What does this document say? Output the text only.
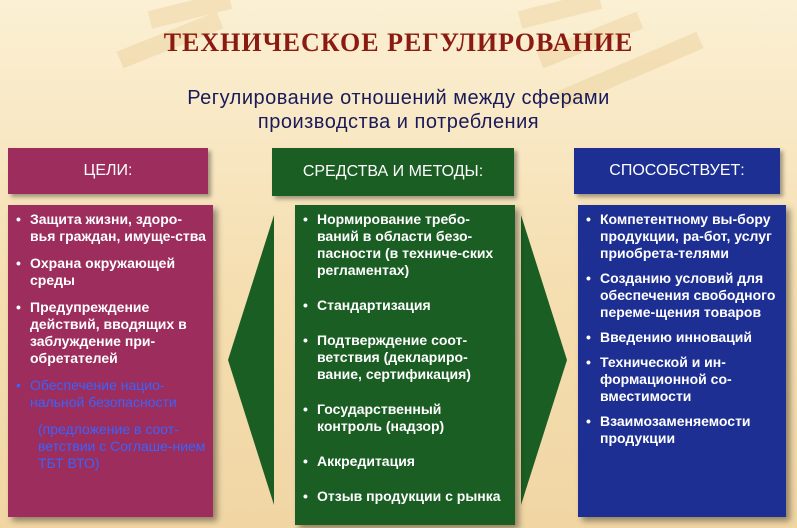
ТЕХНИЧЕСКОЕ РЕГУЛИРОВАНИЕ
Регулирование отношений между сферами производства и потребления
ЦЕЛИ:	СРЕДСТВА И МЕТОДЫ:	СПОСОБСТВУЕТ:
• Защита жизни, здоро-вья граждан, имуще-ства
• Охрана окружающей среды
• Предупреждение действий, вводящих в заблуждение при-обретателей
• Обеспечение нацио-нальной безопасности
(предложение в соот-ветствии с Соглаше-нием ТБТ ВТО)
• Нормирование требо-ваний в области безо-пасности (в техниче-ских регламентах)
• Стандартизация
• Подтверждение соот-ветствия (деклариро-вание, сертификация)
• Государственный контроль (надзор)
• Аккредитация
• Отзыв продукции с рынка
• Компетентному вы-бору продукции, ра-бот, услуг приобрета-телями
• Созданию условий для обеспечения свободного переме-щения товаров
• Введению инноваций
• Технической и ин-формационной со-вместимости
• Взаимозаменяемости продукции
